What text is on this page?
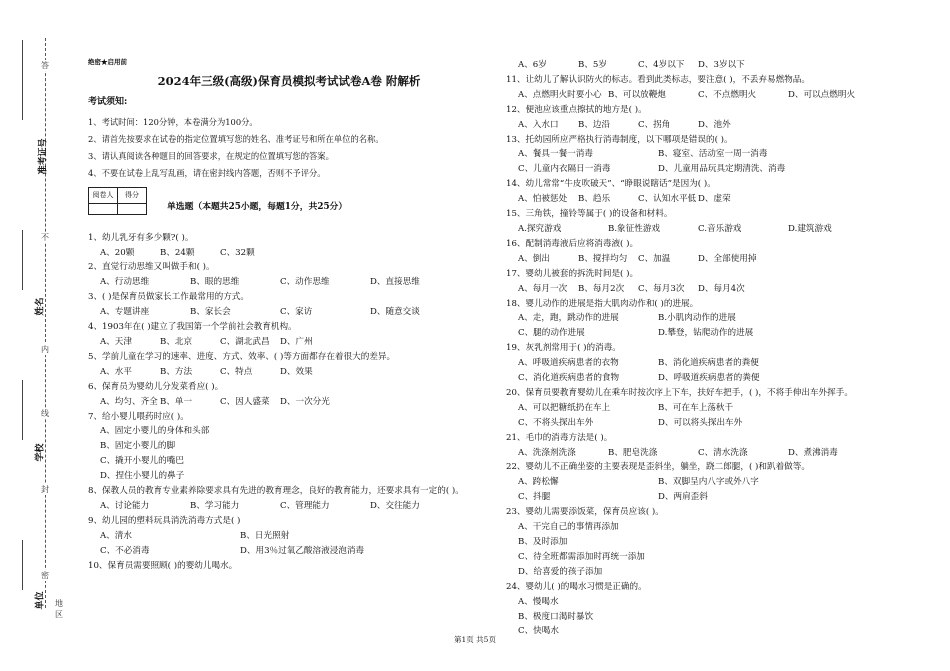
答
不
内
线
封
密
准考证号
姓名
学校
单位 地区
绝密★启用前
2024年三级(高级)保育员模拟考试试卷A卷 附解析
考试须知:
1、考试时间：120分钟，本卷满分为100分。
2、请首先按要求在试卷的指定位置填写您的姓名、准考证号和所在单位的名称。
3、请认真阅读各种题目的回答要求，在规定的位置填写您的答案。
4、不要在试卷上乱写乱画，请在密封线内答题，否则不予评分。
阅卷人	得分

单选题（本题共25小题，每题1分，共25分）
1、幼儿乳牙有多少颗?( )。
A、20颗	B、24颗	C、32颗
2、直觉行动思维又叫做手和( )。
A、行动思维	B、眼的思维	C、动作思维	D、直接思维
3、( )是保育员做家长工作最常用的方式。
A、专题讲座	B、家长会	C、家访	D、随意交谈
4、1903年在( )建立了我国第一个学前社会教育机构。
A、天津	B、北京	C、湖北武昌 D、广州
5、学前儿童在学习的速率、进度、方式、效率、( )等方面都存在着很大的差异。
A、水平	B、方法	C、特点	D、效果
6、保育员为婴幼儿分发菜肴应( )。
A、均匀、齐全 B、单一	C、因人盛菜 D、一次分光
7、给小婴儿喂药时应( )。
A、固定小婴儿的身体和头部
B、固定小婴儿的脚
C、撬开小婴儿的嘴巴
D、捏住小婴儿的鼻子
8、保教人员的教育专业素养除要求具有先进的教育理念，良好的教育能力，还要求具有一定的( )。
A、讨论能力	B、学习能力	C、管理能力	D、交往能力
9、幼儿园的塑料玩具消洗消毒方式是( )
A、清水	B、日光照射
C、不必消毒	D、用3％过氧乙酸溶液浸泡消毒
10、保育员需要照顾( )的婴幼儿喝水。
A、6岁	B、5岁	C、4岁以下 D、3岁以下
11、让幼儿了解认识防火的标志。看到此类标志，要注意( )，不丢弃易燃物品。
A、点燃明火时要小心 B、可以放鞭炮	C、不点燃明火	D、可以点燃明火
12、便池应该重点擦拭的地方是( )。
A、入水口 B、边沿	C、拐角	D、池外
13、托幼园所应严格执行消毒制度，以下哪项是错误的( )。
A、餐具一餐一消毒	B、寝室、活动室一周一消毒
C、儿童内衣隔日一消毒	D、儿童用品玩具定期清洗、消毒
14、幼儿常常“牛皮吹破天”、“睁眼说瞎话”是因为( )。
A、怕被惩处 B、趋乐	C、认知水平低 D、虚荣
15、三角铁，撞铃等属于( )的设备和材料。
A.探究游戏	B.象征性游戏	C.音乐游戏	D.建筑游戏
16、配制消毒液后应将消毒液( )。
A、倒出	B、搅拌均匀 C、加温	D、全部使用掉
17、婴幼儿被套的拆洗时间是( )。
A、每月一次 B、每月2次 C、每月3次 D、每月4次
18、婴儿动作的进展是指大肌肉动作和( )的进展。
A、走，跑，跳动作的进展	B.小肌肉动作的进展
C、腿的动作进展	D.攀登，钻爬动作的进展
19、灰乳剂常用于( )的消毒。
A、呼吸道疾病患者的衣物	B、消化道疾病患者的粪便
C、消化道疾病患者的食物	D、呼吸道疾病患者的粪便
20、保育员要教育婴幼儿在乘车时按次序上下车，扶好车把手，( )，不将手伸出车外挥手。
A、可以把糖纸扔在车上	B、可在车上荡秋千
C、不将头探出车外	D、可以将头探出车外
21、毛巾的消毒方法是( )。
A、洗涤剂洗涤	B、肥皂洗涤	C、清水洗涤	D、煮沸消毒
22、婴幼儿不正确坐姿的主要表现是歪斜坐，躺坐，跷二郎腿，( )和趴着做等。
A、跨松懈	B、双脚呈内八字或外八字
C、抖腿	D、两肩歪斜
23、婴幼儿需要添饭菜，保育员应该( )。
A、干完自己的事情再添加
B、及时添加
C、待全班都需添加时再统一添加
D、给喜爱的孩子添加
24、婴幼儿( )的喝水习惯是正确的。
A、慢喝水
B、极度口渴时暴饮
C、快喝水
第1页 共5页
